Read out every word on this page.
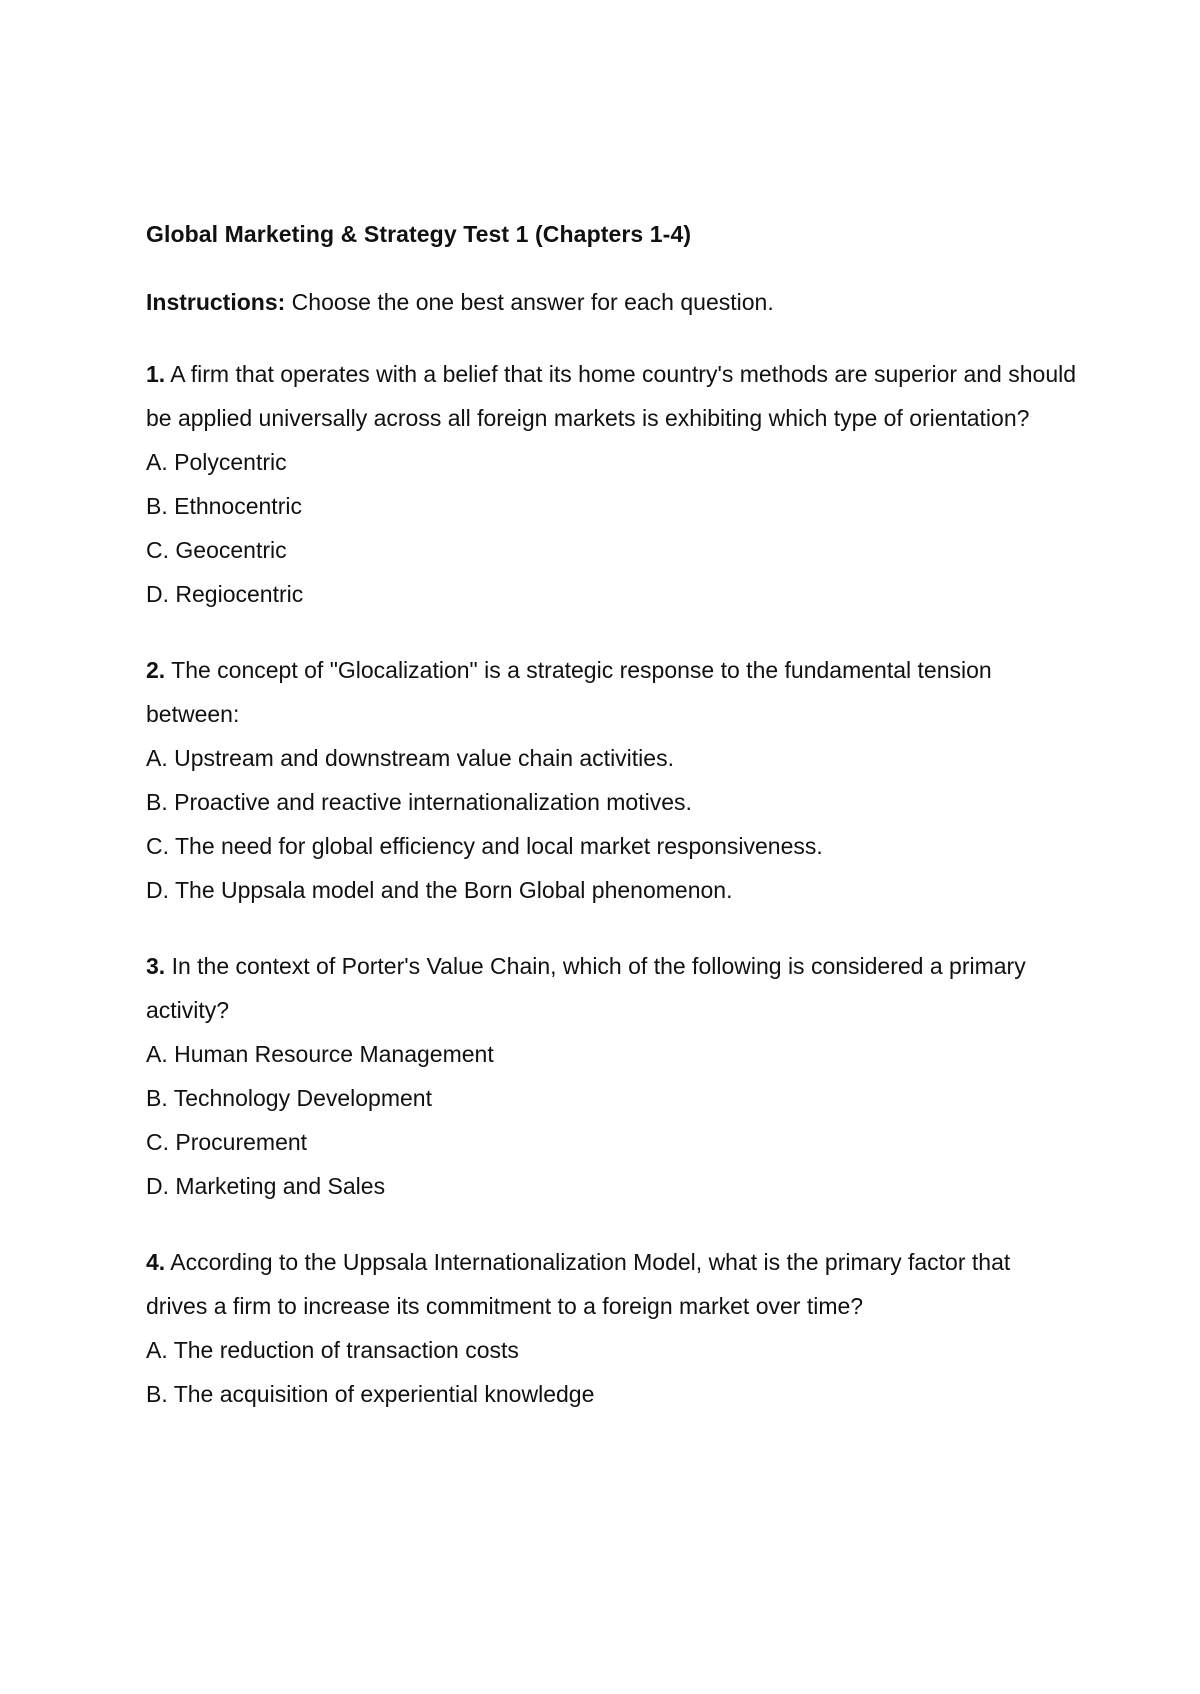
Global Marketing & Strategy Test 1 (Chapters 1-4)

Instructions: Choose the one best answer for each question.

1. A firm that operates with a belief that its home country's methods are superior and should be applied universally across all foreign markets is exhibiting which type of orientation?

A. Polycentric
B. Ethnocentric
C. Geocentric
D. Regiocentric

2. The concept of "Glocalization" is a strategic response to the fundamental tension between:

A. Upstream and downstream value chain activities.
B. Proactive and reactive internationalization motives.
C. The need for global efficiency and local market responsiveness.
D. The Uppsala model and the Born Global phenomenon.

3. In the context of Porter's Value Chain, which of the following is considered a primary activity?

A. Human Resource Management
B. Technology Development
C. Procurement
D. Marketing and Sales

4. According to the Uppsala Internationalization Model, what is the primary factor that drives a firm to increase its commitment to a foreign market over time?

A. The reduction of transaction costs
B. The acquisition of experiential knowledge
